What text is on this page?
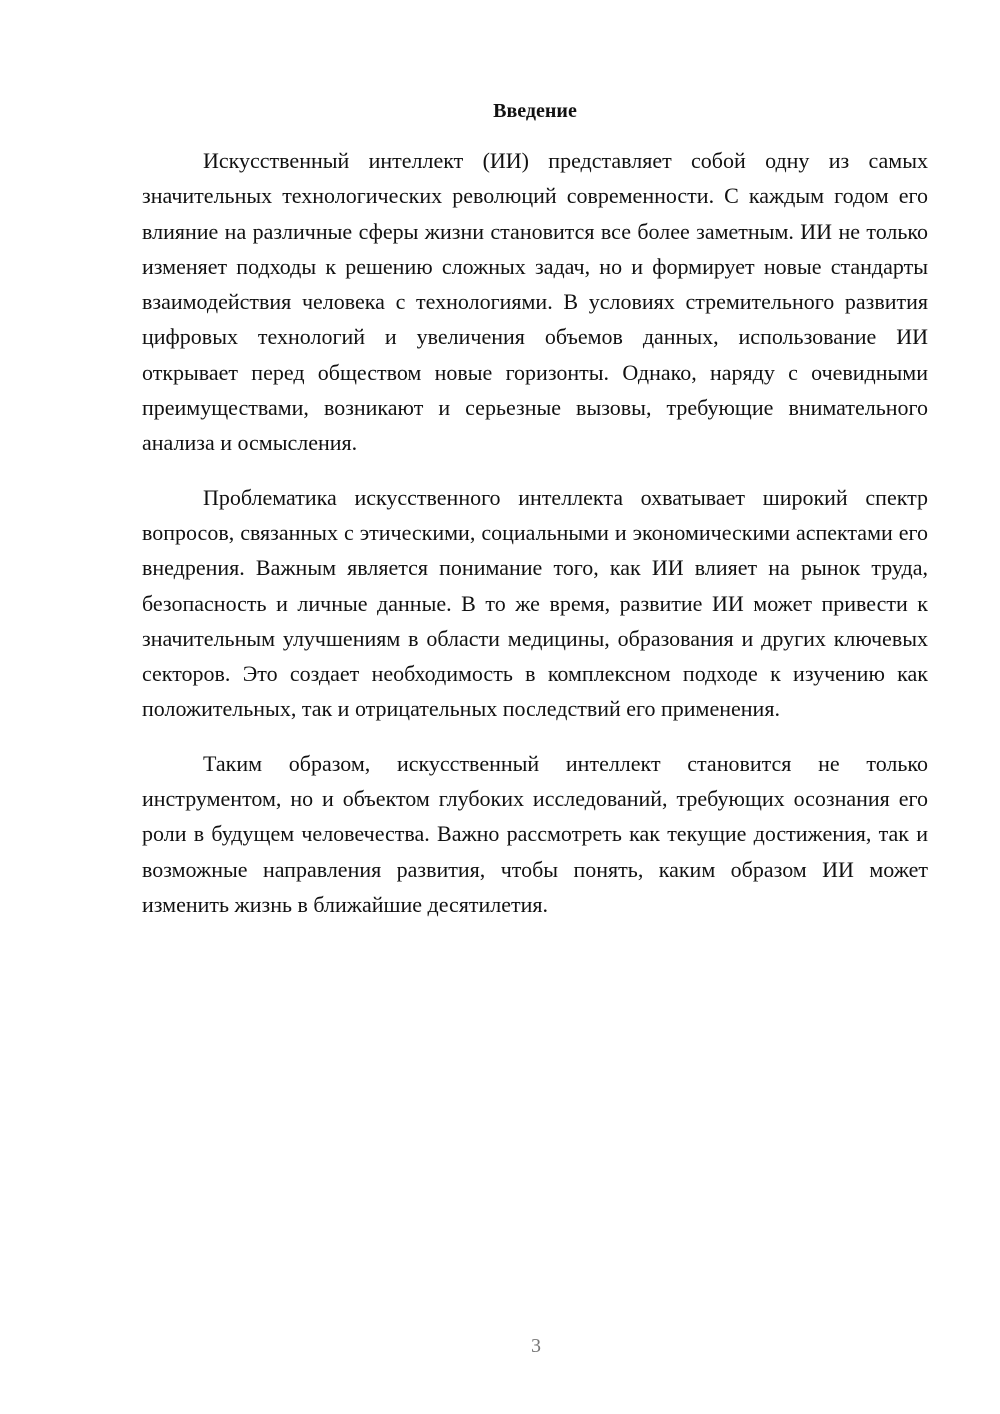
Введение

Искусственный интеллект (ИИ) представляет собой одну из самых значительных технологических революций современности. С каждым годом его влияние на различные сферы жизни становится все более заметным. ИИ не только изменяет подходы к решению сложных задач, но и формирует новые стандарты взаимодействия человека с технологиями. В условиях стремительного развития цифровых технологий и увеличения объемов данных, использование ИИ открывает перед обществом новые горизонты. Однако, наряду с очевидными преимуществами, возникают и серьезные вызовы, требующие внимательного анализа и осмысления.

Проблематика искусственного интеллекта охватывает широкий спектр вопросов, связанных с этическими, социальными и экономическими аспектами его внедрения. Важным является понимание того, как ИИ влияет на рынок труда, безопасность и личные данные. В то же время, развитие ИИ может привести к значительным улучшениям в области медицины, образования и других ключевых секторов. Это создает необходимость в комплексном подходе к изучению как положительных, так и отрицательных последствий его применения.

Таким образом, искусственный интеллект становится не только инструментом, но и объектом глубоких исследований, требующих осознания его роли в будущем человечества. Важно рассмотреть как текущие достижения, так и возможные направления развития, чтобы понять, каким образом ИИ может изменить жизнь в ближайшие десятилетия.

3
